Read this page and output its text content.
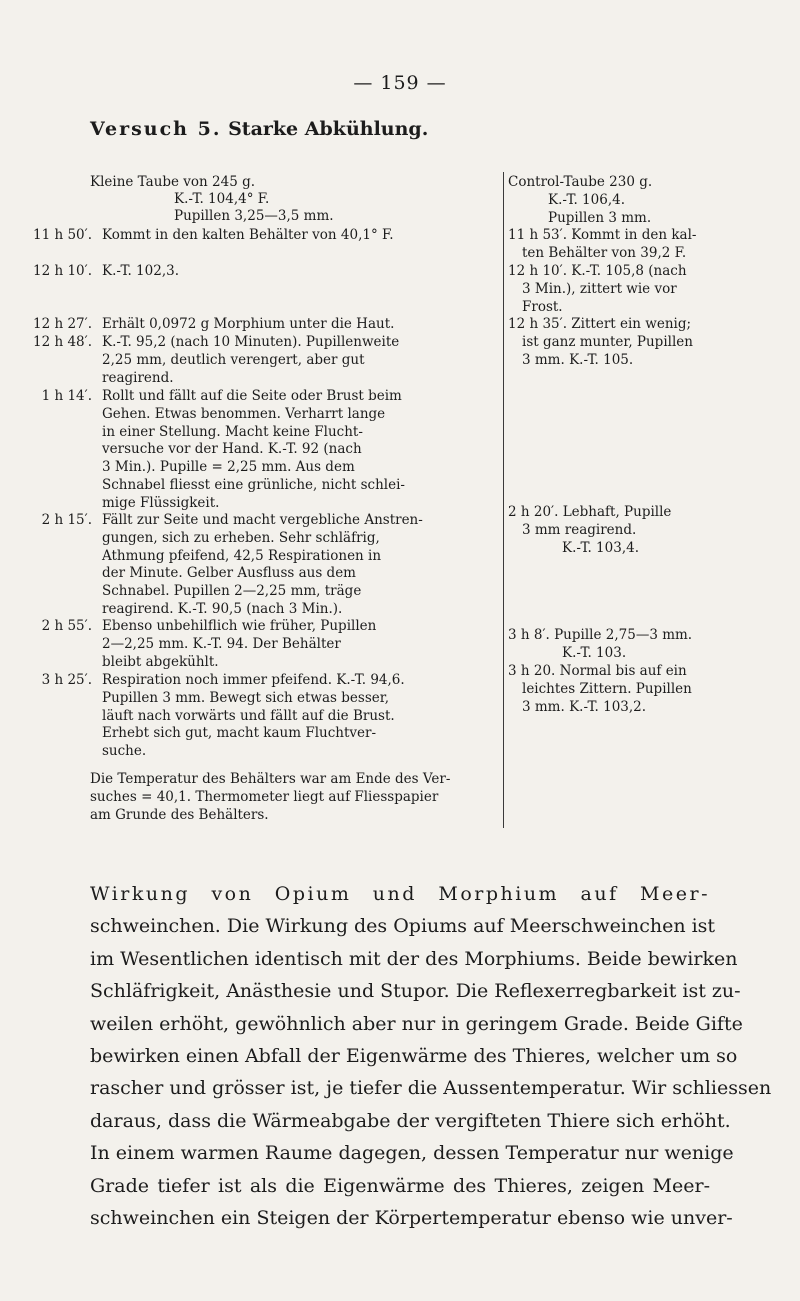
— 159 —
Versuch 5. Starke Abkühlung.
Kleine Taube von 245 g.
K.-T. 104,4° F.
Pupillen 3,25—3,5 mm.
11 h 50′. Kommt in den kalten Behälter von 40,1° F.
12 h 10′. K.-T. 102,3.
12 h 27′. Erhält 0,0972 g Morphium unter die Haut.
12 h 48′. K.-T. 95,2 (nach 10 Minuten). Pupillenweite
2,25 mm, deutlich verengert, aber gut
reagirend.
1 h 14′. Rollt und fällt auf die Seite oder Brust beim
Gehen. Etwas benommen. Verharrt lange
in einer Stellung. Macht keine Flucht-
versuche vor der Hand. K.-T. 92 (nach
3 Min.). Pupille = 2,25 mm. Aus dem
Schnabel fliesst eine grünliche, nicht schlei-
mige Flüssigkeit.
2 h 15′. Fällt zur Seite und macht vergebliche Anstren-
gungen, sich zu erheben. Sehr schläfrig,
Athmung pfeifend, 42,5 Respirationen in
der Minute. Gelber Ausfluss aus dem
Schnabel. Pupillen 2—2,25 mm, träge
reagirend. K.-T. 90,5 (nach 3 Min.).
2 h 55′. Ebenso unbehilflich wie früher, Pupillen
2—2,25 mm. K.-T. 94. Der Behälter
bleibt abgekühlt.
3 h 25′. Respiration noch immer pfeifend. K.-T. 94,6.
Pupillen 3 mm. Bewegt sich etwas besser,
läuft nach vorwärts und fällt auf die Brust.
Erhebt sich gut, macht kaum Fluchtver-
suche.
Die Temperatur des Behälters war am Ende des Ver-
suches = 40,1. Thermometer liegt auf Fliesspapier
am Grunde des Behälters.
Control-Taube 230 g.
K.-T. 106,4.
Pupillen 3 mm.
11 h 53′. Kommt in den kal-
ten Behälter von 39,2 F.
12 h 10′. K.-T. 105,8 (nach
3 Min.), zittert wie vor
Frost.
12 h 35′. Zittert ein wenig;
ist ganz munter, Pupillen
3 mm. K.-T. 105.
2 h 20′. Lebhaft, Pupille
3 mm reagirend.
K.-T. 103,4.
3 h 8′. Pupille 2,75—3 mm.
K.-T. 103.
3 h 20. Normal bis auf ein
leichtes Zittern. Pupillen
3 mm. K.-T. 103,2.
Wirkung von Opium und Morphium auf Meer-
schweinchen. Die Wirkung des Opiums auf Meerschweinchen ist
im Wesentlichen identisch mit der des Morphiums. Beide bewirken
Schläfrigkeit, Anästhesie und Stupor. Die Reflexerregbarkeit ist zu-
weilen erhöht, gewöhnlich aber nur in geringem Grade. Beide Gifte
bewirken einen Abfall der Eigenwärme des Thieres, welcher um so
rascher und grösser ist, je tiefer die Aussentemperatur. Wir schliessen
daraus, dass die Wärmeabgabe der vergifteten Thiere sich erhöht.
In einem warmen Raume dagegen, dessen Temperatur nur wenige
Grade tiefer ist als die Eigenwärme des Thieres, zeigen Meer-
schweinchen ein Steigen der Körpertemperatur ebenso wie unver-
